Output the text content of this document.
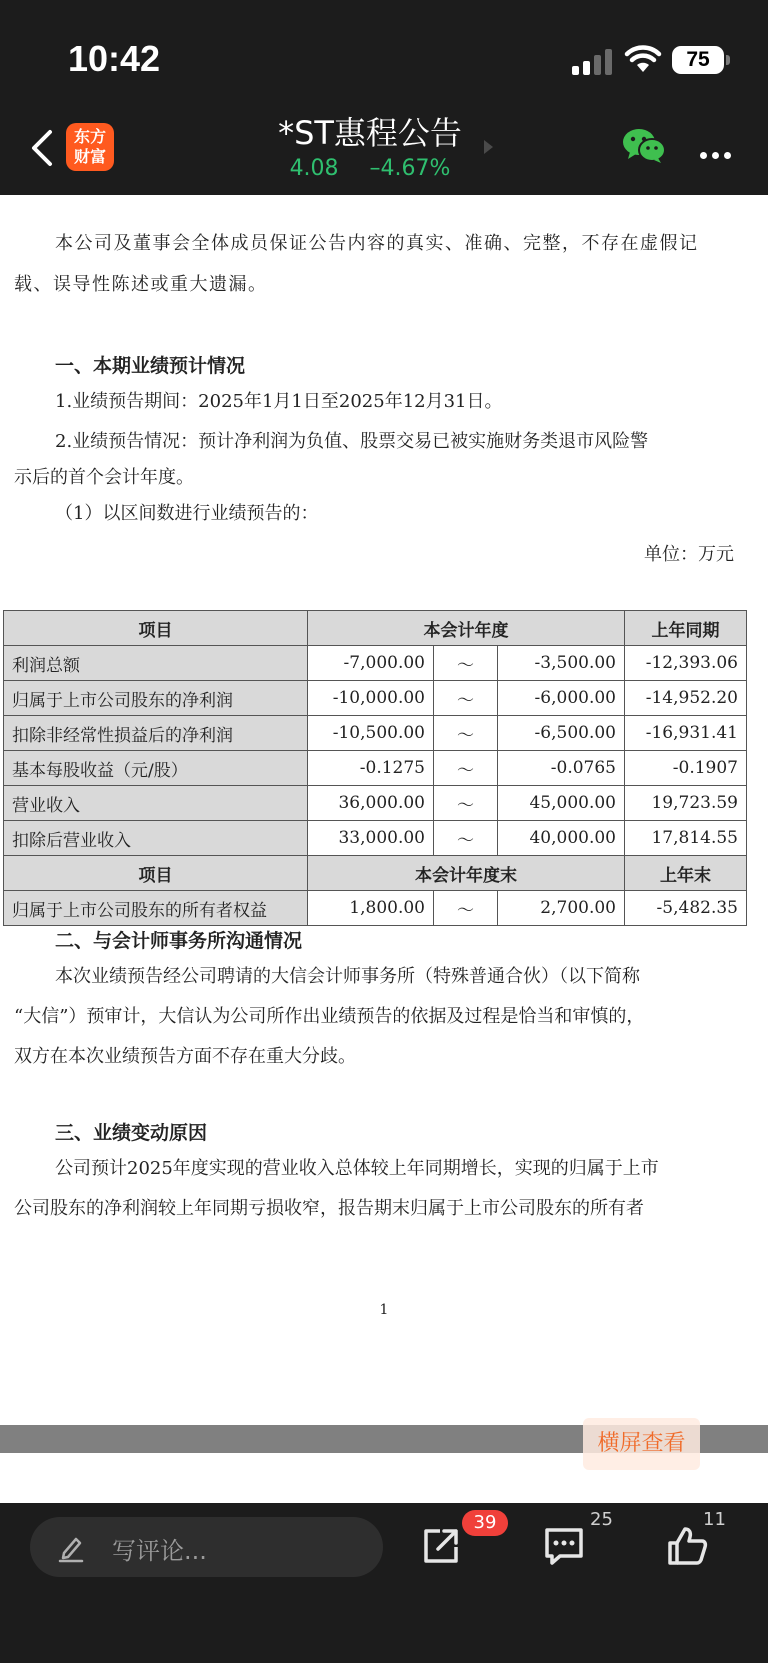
10:42	75
东方
财富
*ST惠程公告
4.08 –4.67%
本公司及董事会全体成员保证公告内容的真实、准确、完整，不存在虚假记
载、误导性陈述或重大遗漏。
一、本期业绩预计情况
1.业绩预告期间：2025年1月1日至2025年12月31日。
2.业绩预告情况：预计净利润为负值、股票交易已被实施财务类退市风险警
示后的首个会计年度。
（1）以区间数进行业绩预告的：
单位：万元
项目	本会计年度			上年同期
利润总额	-7,000.00	～	-3,500.00	-12,393.06
归属于上市公司股东的净利润	-10,000.00	～	-6,000.00	-14,952.20
扣除非经常性损益后的净利润	-10,500.00	～	-6,500.00	-16,931.41
基本每股收益（元/股）	-0.1275	～	-0.0765	-0.1907
营业收入	36,000.00	～	45,000.00	19,723.59
扣除后营业收入	33,000.00	～	40,000.00	17,814.55
项目	本会计年度末			上年末
归属于上市公司股东的所有者权益	1,800.00	～	2,700.00	-5,482.35
二、与会计师事务所沟通情况
本次业绩预告经公司聘请的大信会计师事务所（特殊普通合伙）（以下简称
“大信”）预审计，大信认为公司所作出业绩预告的依据及过程是恰当和审慎的，
双方在本次业绩预告方面不存在重大分歧。
三、业绩变动原因
公司预计2025年度实现的营业收入总体较上年同期增长，实现的归属于上市
公司股东的净利润较上年同期亏损收窄，报告期末归属于上市公司股东的所有者
1
横屏查看
写评论...
39	25	11
